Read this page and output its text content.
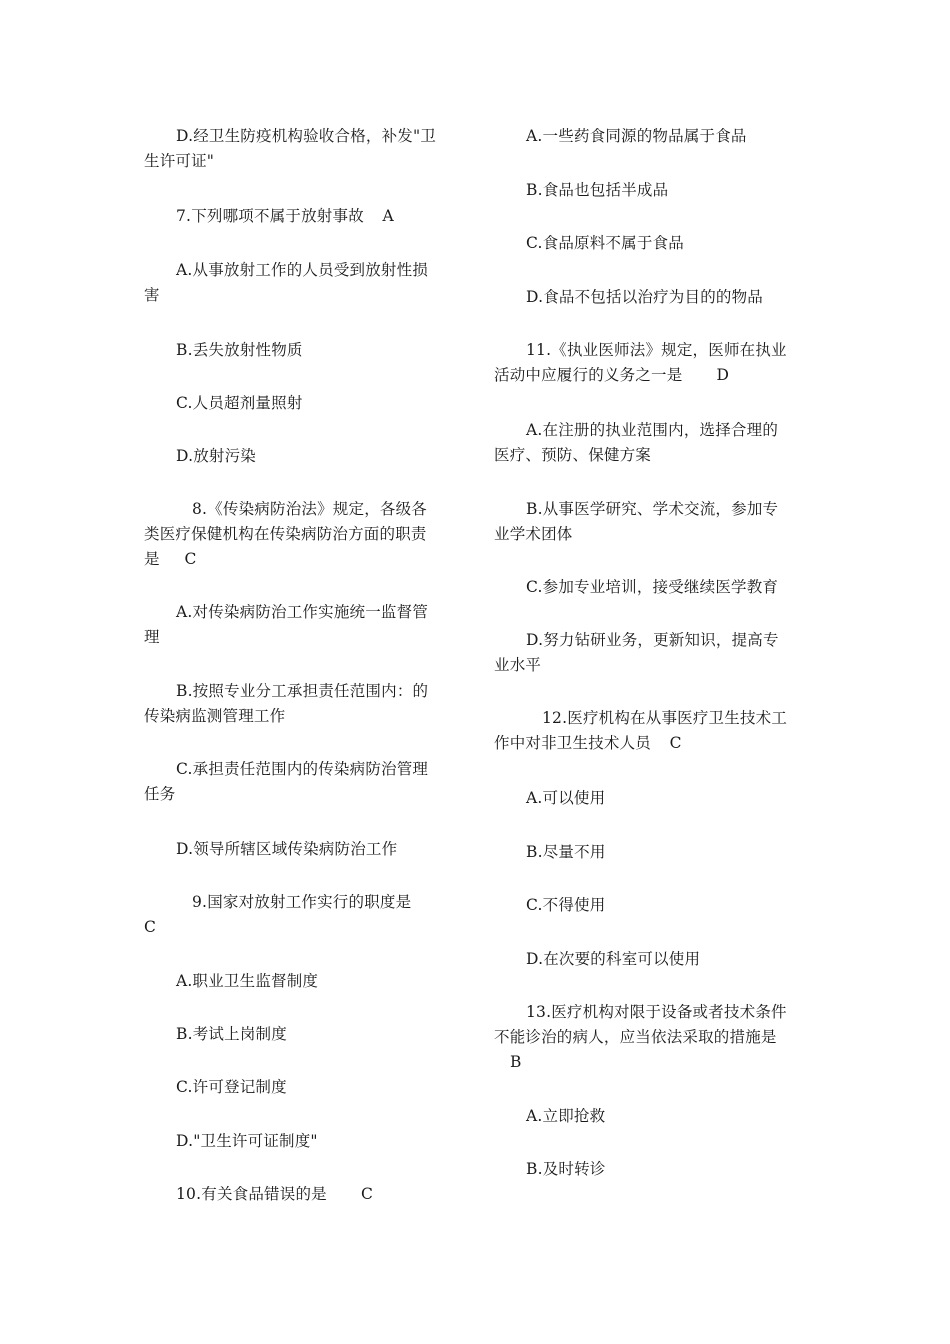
D.经卫生防疫机构验收合格，补发"卫
生许可证"
7.下列哪项不属于放射事故 A
A.从事放射工作的人员受到放射性损
害
B.丢失放射性物质
C.人员超剂量照射
D.放射污染
8.《传染病防治法》规定，各级各
类医疗保健机构在传染病防治方面的职责
是 C
A.对传染病防治工作实施统一监督管
理
B.按照专业分工承担责任范围内：的
传染病监测管理工作
C.承担责任范围内的传染病防治管理
任务
D.领导所辖区域传染病防治工作
9.国家对放射工作实行的职度是
C
A.职业卫生监督制度
B.考试上岗制度
C.许可登记制度
D."卫生许可证制度"
10.有关食品错误的是 C
A.一些药食同源的物品属于食品
B.食品也包括半成品
C.食品原料不属于食品
D.食品不包括以治疗为目的的物品
11.《执业医师法》规定，医师在执业
活动中应履行的义务之一是 D
A.在注册的执业范围内，选择合理的
医疗、预防、保健方案
B.从事医学研究、学术交流，参加专
业学术团体
C.参加专业培训，接受继续医学教育
D.努力钻研业务，更新知识，提高专
业水平
12.医疗机构在从事医疗卫生技术工
作中对非卫生技术人员 C
A.可以使用
B.尽量不用
C.不得使用
D.在次要的科室可以使用
13.医疗机构对限于设备或者技术条件
不能诊治的病人，应当依法采取的措施是
B
A.立即抢救
B.及时转诊
